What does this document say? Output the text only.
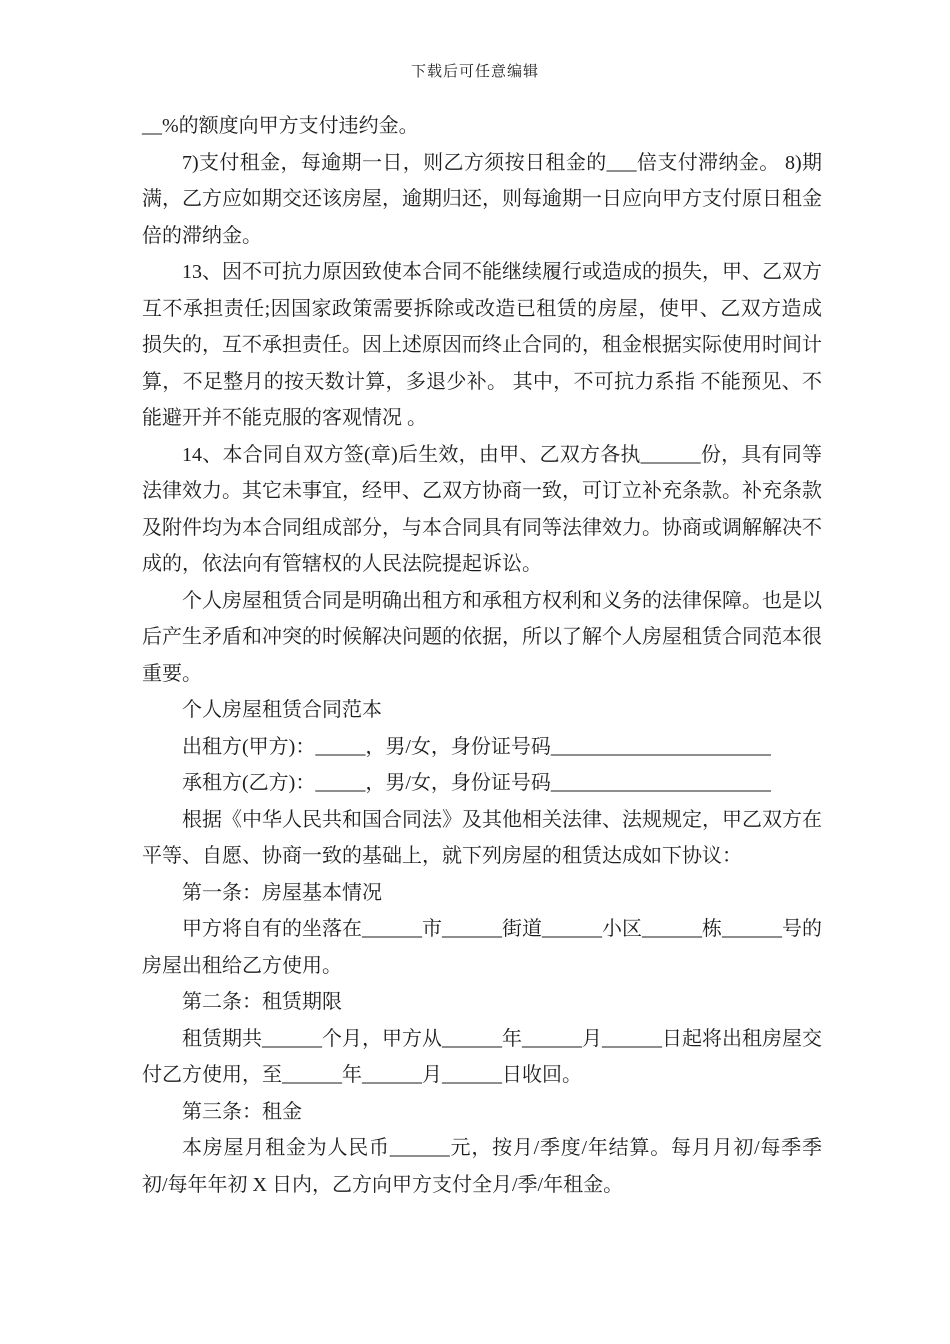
下载后可任意编辑

__%的额度向甲方支付违约金。

7)支付租金，每逾期一日，则乙方须按日租金的___倍支付滞纳金。 8)期满，乙方应如期交还该房屋，逾期归还，则每逾期一日应向甲方支付原日租金倍的滞纳金。

13、因不可抗力原因致使本合同不能继续履行或造成的损失，甲、乙双方互不承担责任;因国家政策需要拆除或改造已租赁的房屋，使甲、乙双方造成损失的，互不承担责任。因上述原因而终止合同的，租金根据实际使用时间计算，不足整月的按天数计算，多退少补。 其中，不可抗力系指 不能预见、不能避开并不能克服的客观情况 。

14、本合同自双方签(章)后生效，由甲、乙双方各执______份，具有同等法律效力。其它未事宜，经甲、乙双方协商一致，可订立补充条款。补充条款及附件均为本合同组成部分，与本合同具有同等法律效力。协商或调解解决不成的，依法向有管辖权的人民法院提起诉讼。

个人房屋租赁合同是明确出租方和承租方权利和义务的法律保障。也是以后产生矛盾和冲突的时候解决问题的依据，所以了解个人房屋租赁合同范本很重要。

个人房屋租赁合同范本

出租方(甲方)：_____，男/女，身份证号码______________________

承租方(乙方)：_____，男/女，身份证号码______________________

根据《中华人民共和国合同法》及其他相关法律、法规规定，甲乙双方在平等、自愿、协商一致的基础上，就下列房屋的租赁达成如下协议：

第一条：房屋基本情况

甲方将自有的坐落在______市______街道______小区______栋______号的房屋出租给乙方使用。

第二条：租赁期限

租赁期共______个月，甲方从______年______月______日起将出租房屋交付乙方使用，至______年______月______日收回。

第三条：租金

本房屋月租金为人民币______元，按月/季度/年结算。每月月初/每季季初/每年年初 X 日内，乙方向甲方支付全月/季/年租金。
